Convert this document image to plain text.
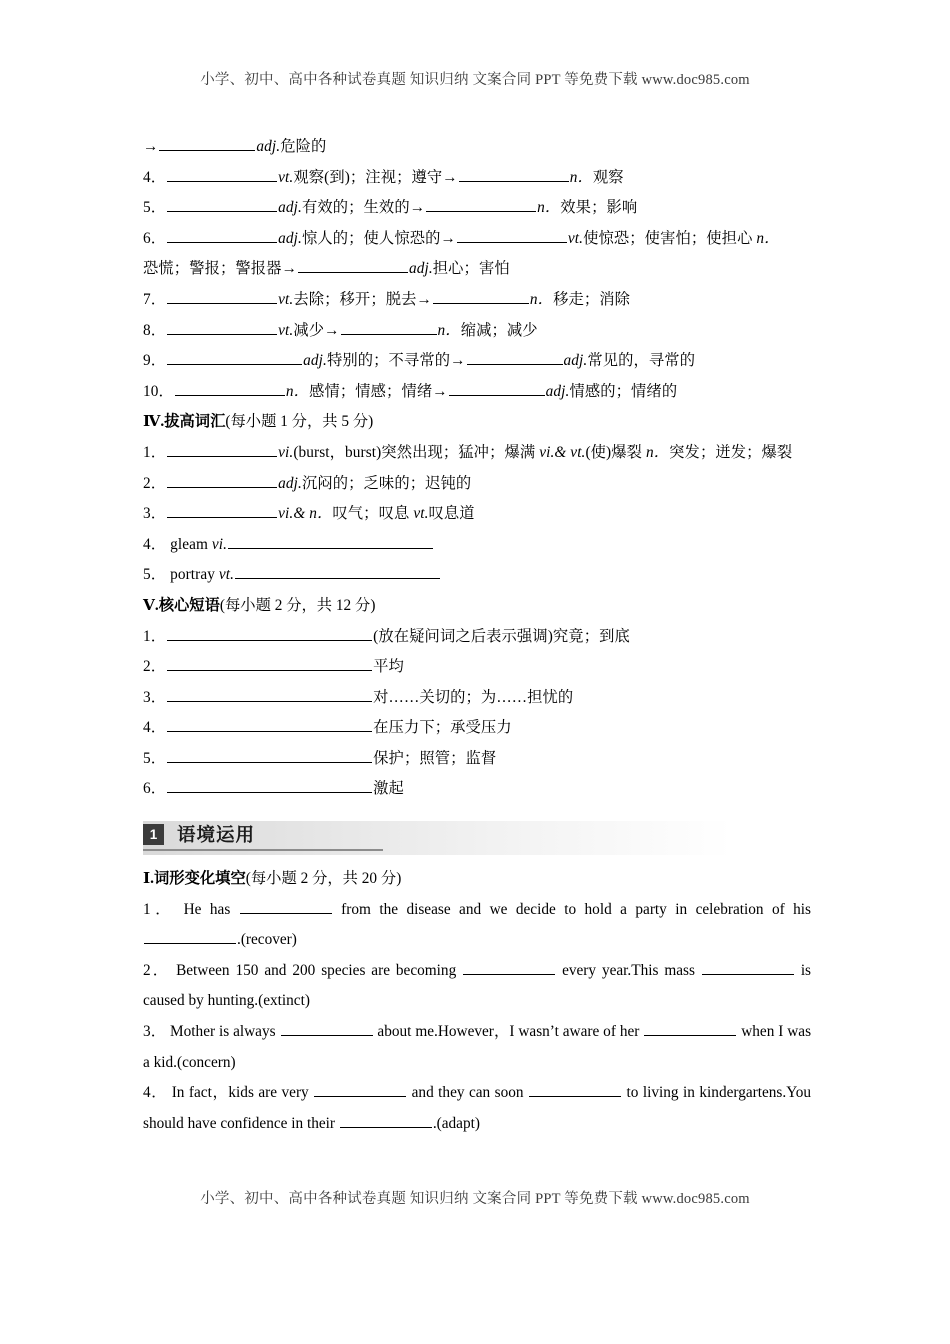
小学、初中、高中各种试卷真题 知识归纳 文案合同 PPT 等免费下载 www.doc985.com
→	adj.危险的
4．	vt.观察(到)；注视；遵守→	n．观察
5．	adj.有效的；生效的→	n．效果；影响
6．	adj.惊人的；使人惊恐的→	vt.使惊恐；使害怕；使担心 n．
恐慌；警报；警报器→	adj.担心；害怕
7．	vt.去除；移开；脱去→	n．移走；消除
8．	vt.减少→	n．缩减；减少
9．	adj.特别的；不寻常的→	adj.常见的，寻常的
10．	n．感情；情感；情绪→	adj.情感的；情绪的
Ⅳ.拔高词汇(每小题 1 分，共 5 分)
1．	vi.(burst，burst)突然出现；猛冲；爆满 vi.& vt.(使)爆裂 n．突发；迸发；爆裂
2．	adj.沉闷的；乏味的；迟钝的
3．	vi.& n．叹气；叹息 vt.叹息道
4． gleam vi.
5． portray vt.
Ⅴ.核心短语(每小题 2 分，共 12 分)
1．	(放在疑问词之后表示强调)究竟；到底
2．	平均
3．	对……关切的；为……担忧的
4．	在压力下；承受压力
5．	保护；照管；监督
6．	激起
1	语境运用
Ⅰ.词形变化填空(每小题 2 分，共 20 分)
1． He has	from the disease and we decide to hold a party in celebration of his .(recover)
2． Between 150 and 200 species are becoming	every year.This mass	is caused by hunting.(extinct)
3． Mother is always	about me.However，I wasn’t aware of her	when I was a kid.(concern)
4． In fact，kids are very	and they can soon	to living in kindergartens.You should have confidence in their	.(adapt)
小学、初中、高中各种试卷真题 知识归纳 文案合同 PPT 等免费下载 www.doc985.com
